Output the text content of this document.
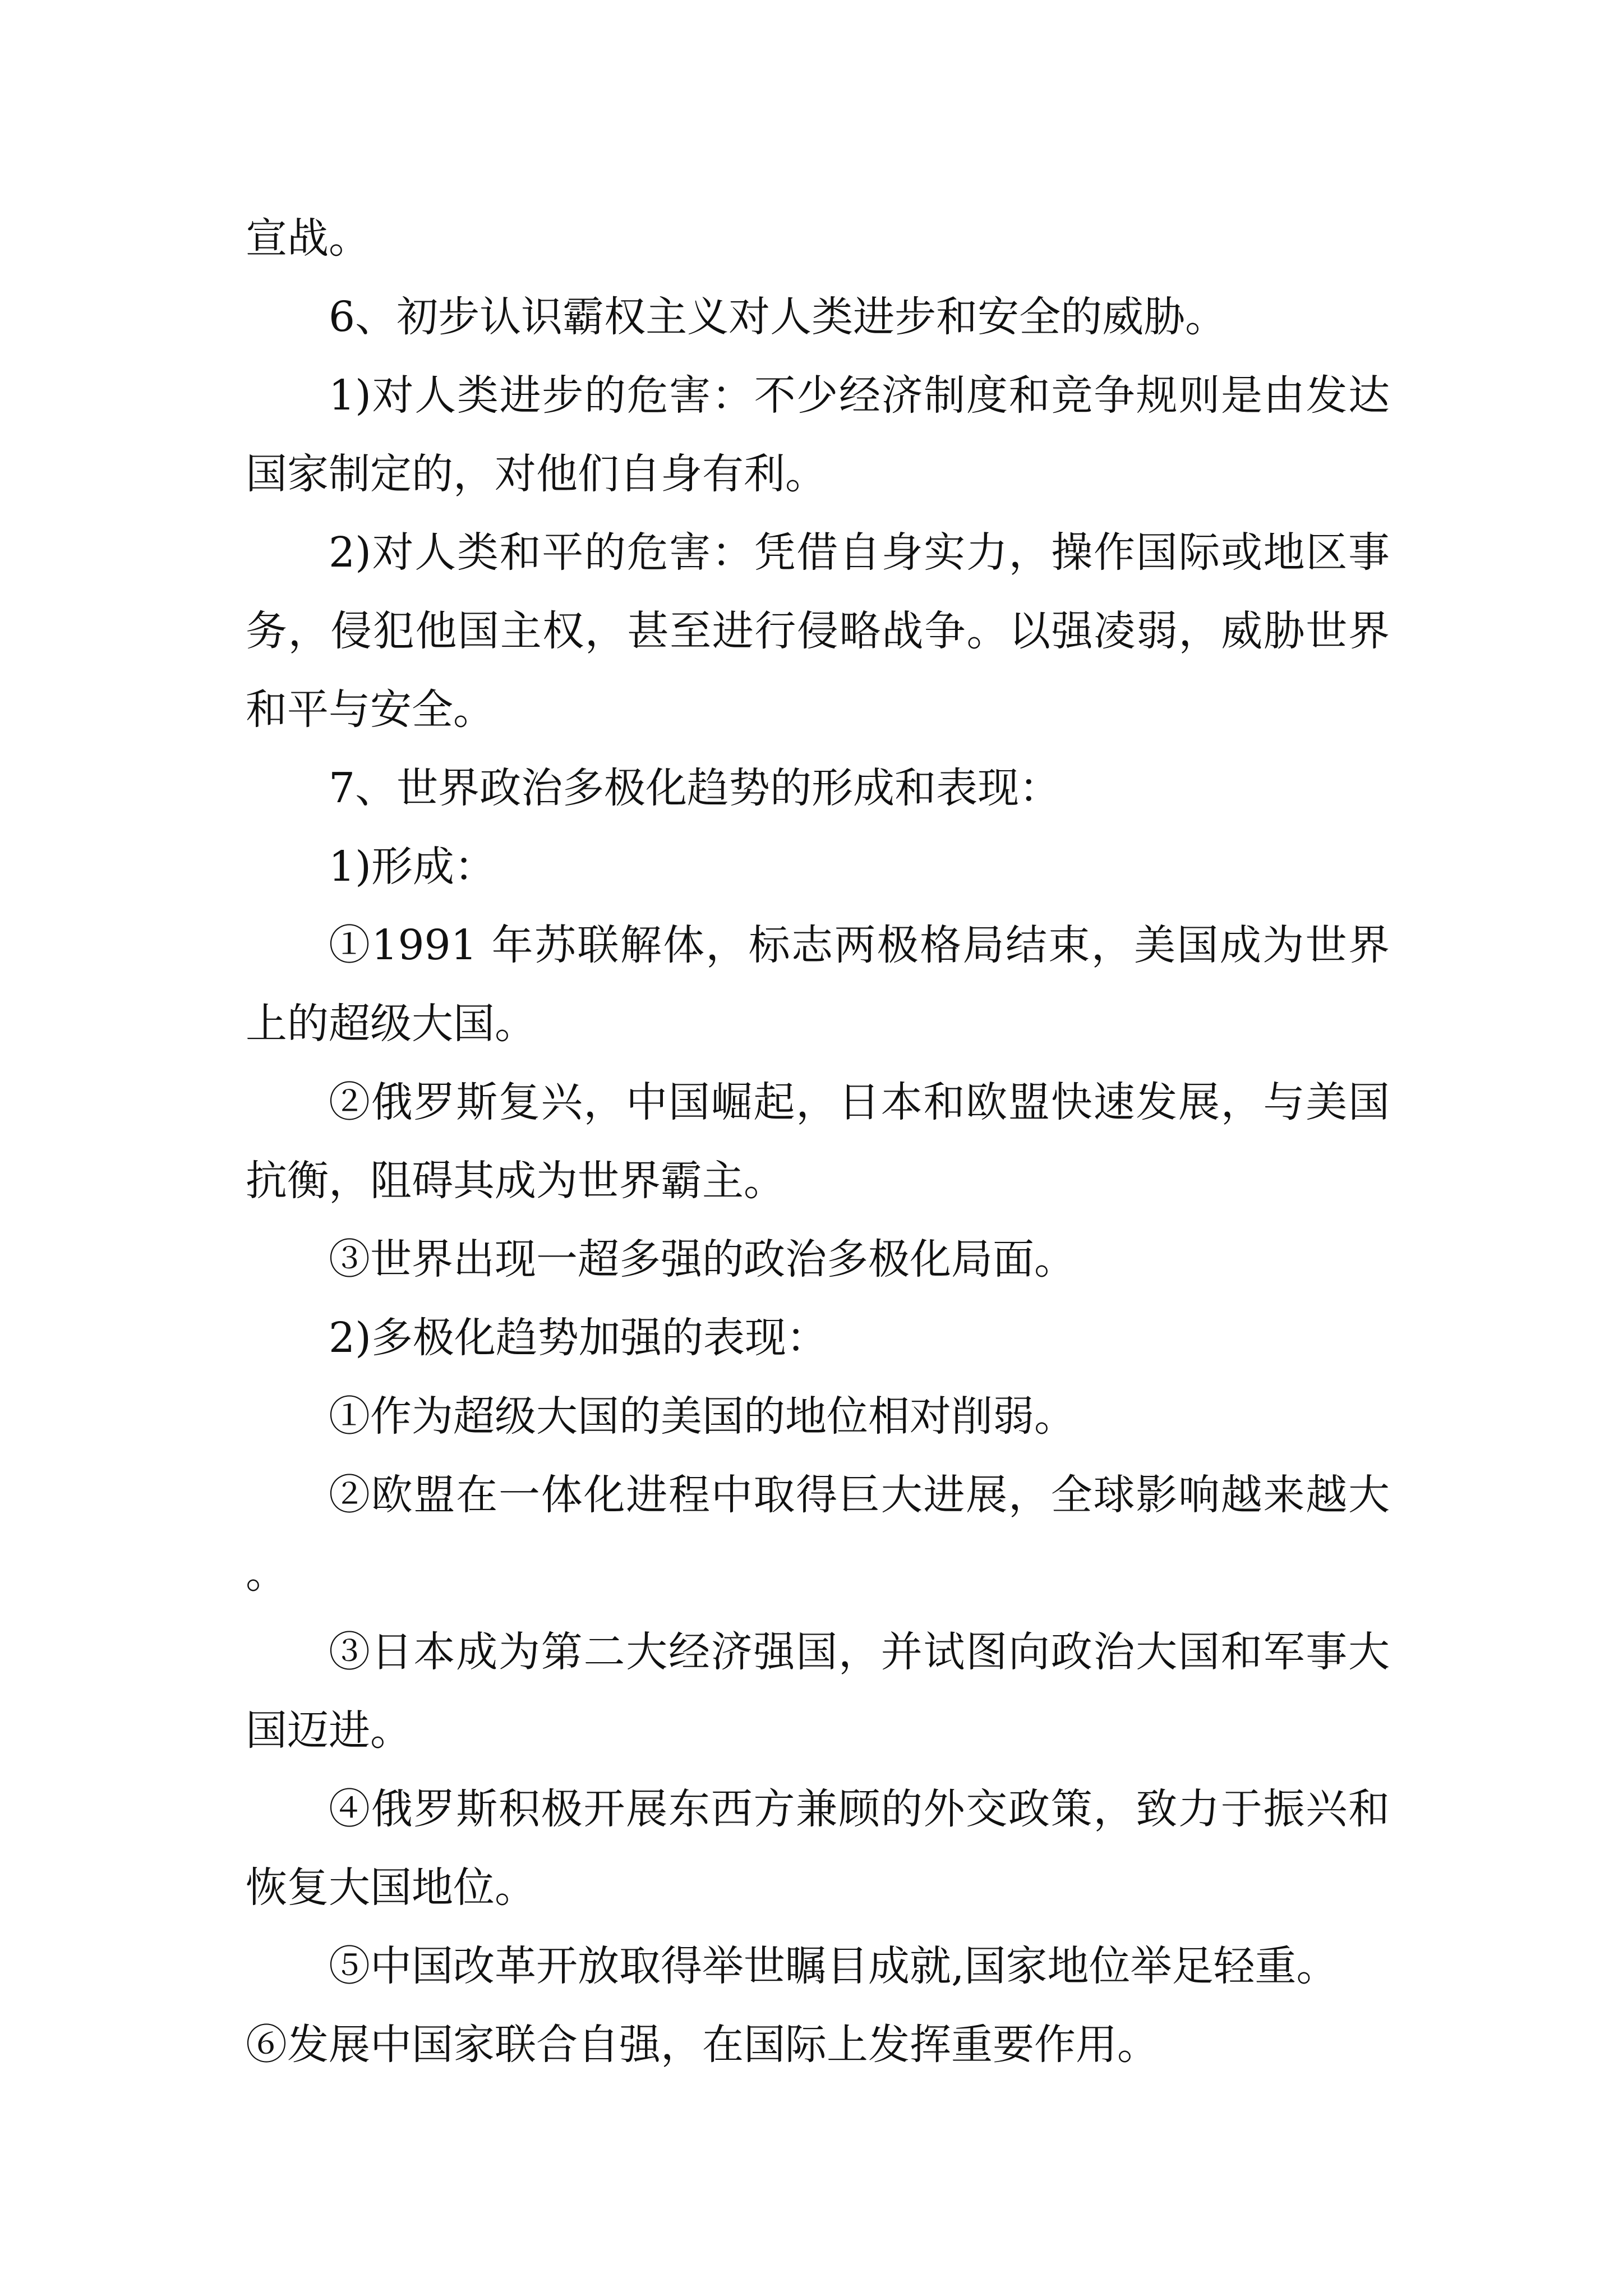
宣战。

6、初步认识霸权主义对人类进步和安全的威胁。

1)对人类进步的危害：不少经济制度和竞争规则是由发达国家制定的，对他们自身有利。

2)对人类和平的危害：凭借自身实力，操作国际或地区事务，侵犯他国主权，甚至进行侵略战争。以强凌弱，威胁世界和平与安全。

7、世界政治多极化趋势的形成和表现：

1)形成：

①1991 年苏联解体，标志两极格局结束，美国成为世界上的超级大国。

②俄罗斯复兴，中国崛起，日本和欧盟快速发展，与美国抗衡，阻碍其成为世界霸主。

③世界出现一超多强的政治多极化局面。

2)多极化趋势加强的表现：

①作为超级大国的美国的地位相对削弱。

②欧盟在一体化进程中取得巨大进展，全球影响越来越大。

③日本成为第二大经济强国，并试图向政治大国和军事大国迈进。

④俄罗斯积极开展东西方兼顾的外交政策，致力于振兴和恢复大国地位。

⑤中国改革开放取得举世瞩目成就,国家地位举足轻重。

⑥发展中国家联合自强，在国际上发挥重要作用。
